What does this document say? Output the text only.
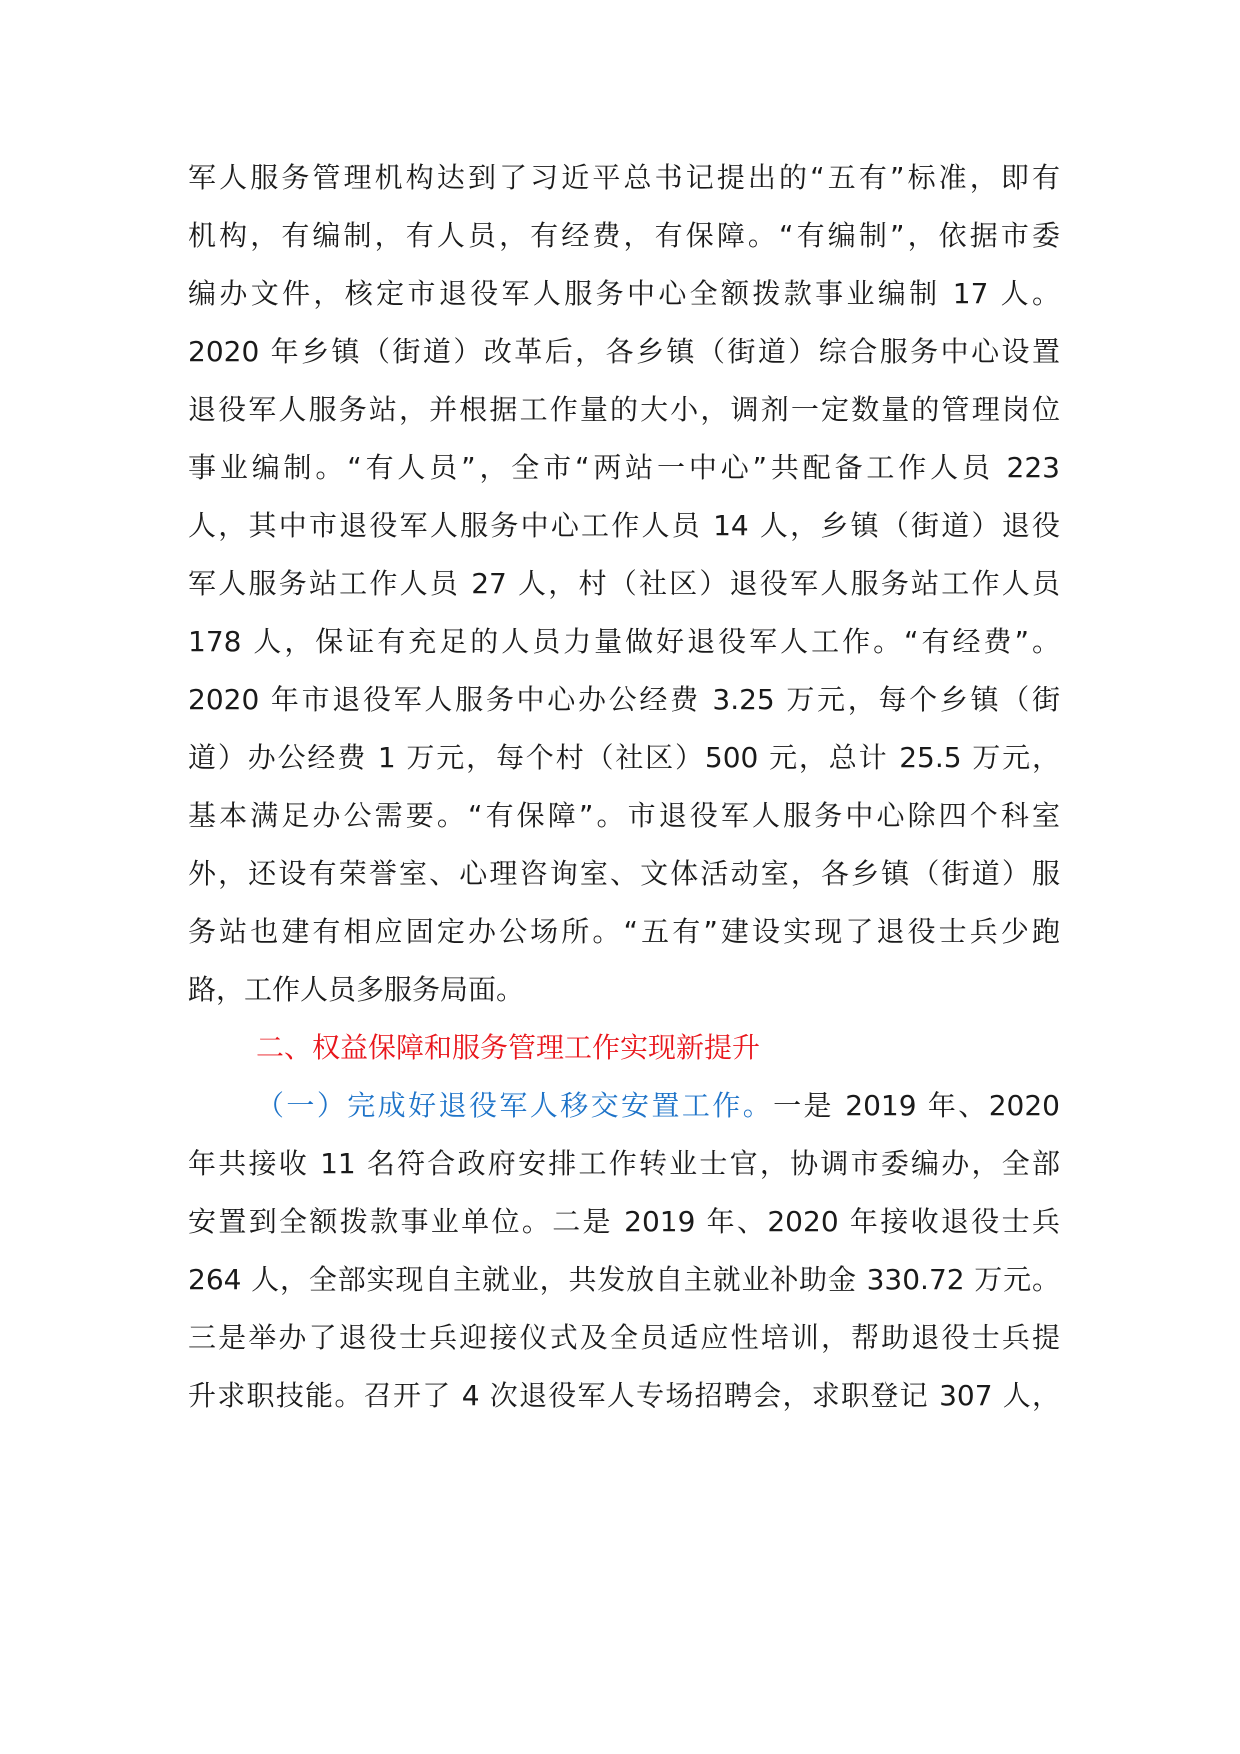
军人服务管理机构达到了习近平总书记提出的“五有”标准，即有
机构，有编制，有人员，有经费，有保障。“有编制”，依据市委
编办文件，核定市退役军人服务中心全额拨款事业编制 17 人。
2020 年乡镇（街道）改革后，各乡镇（街道）综合服务中心设置
退役军人服务站，并根据工作量的大小，调剂一定数量的管理岗位
事业编制。“有人员”，全市“两站一中心”共配备工作人员 223
人，其中市退役军人服务中心工作人员 14 人，乡镇（街道）退役
军人服务站工作人员 27 人，村（社区）退役军人服务站工作人员
178 人，保证有充足的人员力量做好退役军人工作。“有经费”。
2020 年市退役军人服务中心办公经费 3.25 万元，每个乡镇（街
道）办公经费 1 万元，每个村（社区）500 元，总计 25.5 万元，
基本满足办公需要。“有保障”。市退役军人服务中心除四个科室
外，还设有荣誉室、心理咨询室、文体活动室，各乡镇（街道）服
务站也建有相应固定办公场所。“五有”建设实现了退役士兵少跑
路，工作人员多服务局面。
二、权益保障和服务管理工作实现新提升
（一）完成好退役军人移交安置工作。一是 2019 年、2020
年共接收 11 名符合政府安排工作转业士官，协调市委编办，全部
安置到全额拨款事业单位。二是 2019 年、2020 年接收退役士兵
264 人，全部实现自主就业，共发放自主就业补助金 330.72 万元。
三是举办了退役士兵迎接仪式及全员适应性培训，帮助退役士兵提
升求职技能。召开了 4 次退役军人专场招聘会，求职登记 307 人，
